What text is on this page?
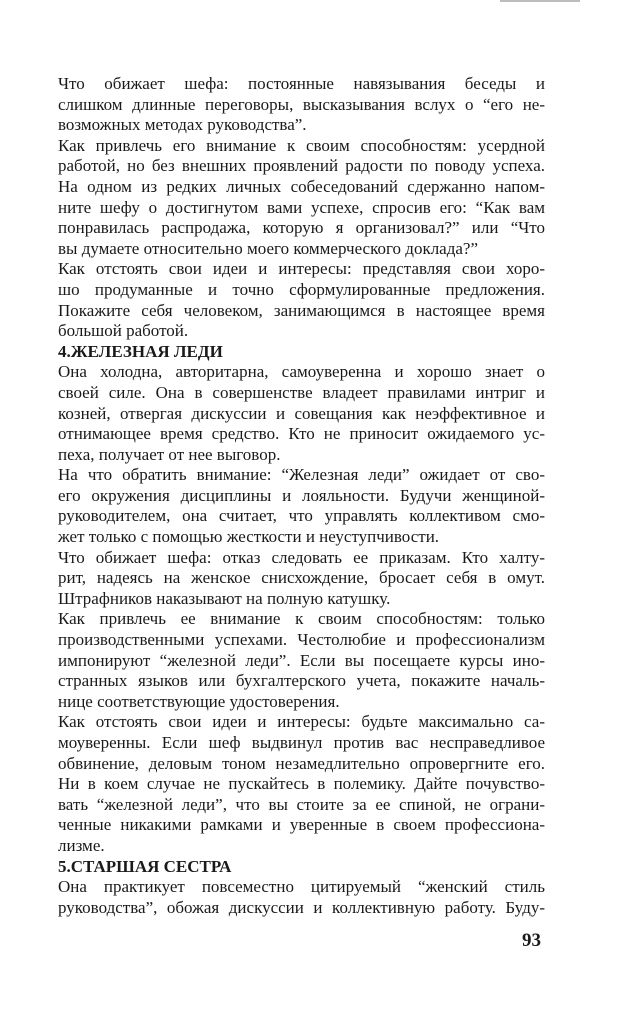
Что обижает шефа: постоянные навязывания беседы и
слишком длинные переговоры, высказывания вслух о “его не-
возможных методах руководства”.

Как привлечь его внимание к своим способностям: усердной
работой, но без внешних проявлений радости по поводу успеха.
На одном из редких личных собеседований сдержанно напом-
ните шефу о достигнутом вами успехе, спросив его: “Как вам
понравилась распродажа, которую я организовал?” или “Что
вы думаете относительно моего коммерческого доклада?”

Как отстоять свои идеи и интересы: представляя свои хоро-
шо продуманные и точно сформулированные предложения.
Покажите себя человеком, занимающимся в настоящее время
большой работой.

4.ЖЕЛЕЗНАЯ ЛЕДИ

Она холодна, авторитарна, самоуверенна и хорошо знает о
своей силе. Она в совершенстве владеет правилами интриг и
козней, отвергая дискуссии и совещания как неэффективное и
отнимающее время средство. Кто не приносит ожидаемого ус-
пеха, получает от нее выговор.

На что обратить внимание: “Железная леди” ожидает от сво-
его окружения дисциплины и лояльности. Будучи женщиной-
руководителем, она считает, что управлять коллективом смо-
жет только с помощью жесткости и неуступчивости.

Что обижает шефа: отказ следовать ее приказам. Кто халту-
рит, надеясь на женское снисхождение, бросает себя в омут.
Штрафников наказывают на полную катушку.

Как привлечь ее внимание к своим способностям: только
производственными успехами. Честолюбие и профессионализм
импонируют “железной леди”. Если вы посещаете курсы ино-
странных языков или бухгалтерского учета, покажите началь-
нице соответствующие удостоверения.

Как отстоять свои идеи и интересы: будьте максимально са-
моуверенны. Если шеф выдвинул против вас несправедливое
обвинение, деловым тоном незамедлительно опровергните его.
Ни в коем случае не пускайтесь в полемику. Дайте почувство-
вать “железной леди”, что вы стоите за ее спиной, не ограни-
ченные никакими рамками и уверенные в своем профессиона-
лизме.

5.СТАРШАЯ СЕСТРА

Она практикует повсеместно цитируемый “женский стиль
руководства”, обожая дискуссии и коллективную работу. Буду-

93
